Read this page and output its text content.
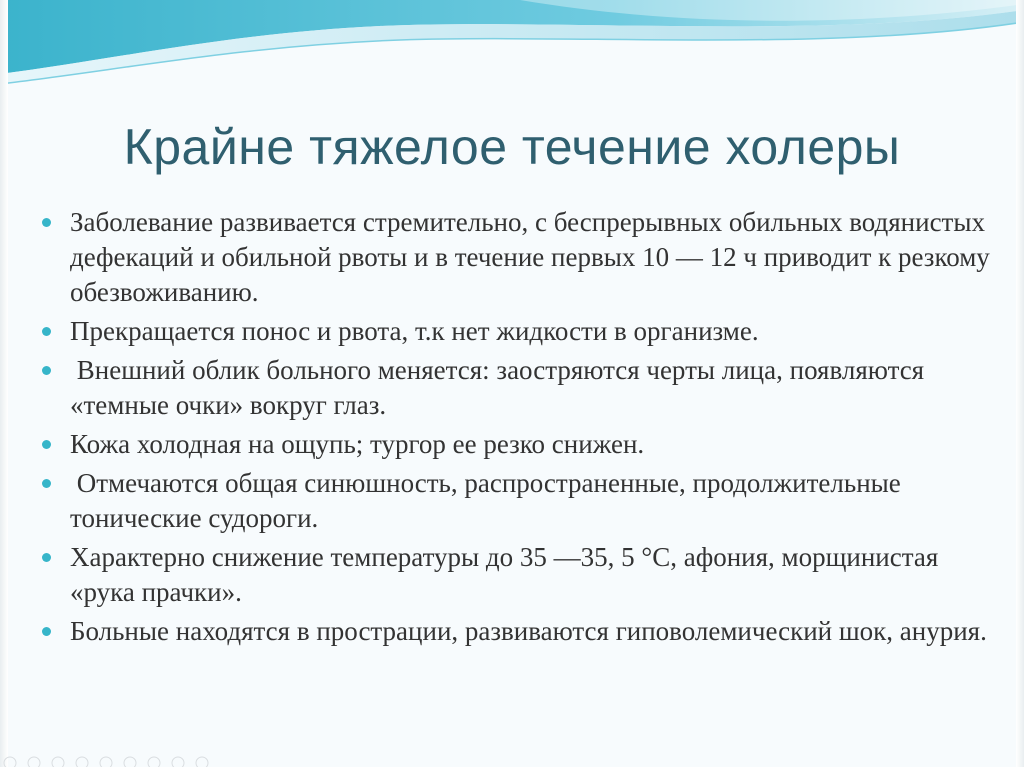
Крайне тяжелое течение холеры
Заболевание развивается стремительно, с беспрерывных обильных водянистых дефекаций и обильной рвоты и в течение первых 10 — 12 ч приводит к резкому обезвоживанию.
Прекращается понос и рвота, т.к нет жидкости в организме.
Внешний облик больного меняется: заостряются черты лица, появляются «темные очки» вокруг глаз.
Кожа холодная на ощупь; тургор ее резко снижен.
Отмечаются общая синюшность, распространенные, продолжительные тонические судороги.
Характерно снижение температуры до 35 —35, 5 °С, афония, морщинистая «рука прачки».
Больные находятся в прострации, развиваются гиповолемический шок, анурия.
